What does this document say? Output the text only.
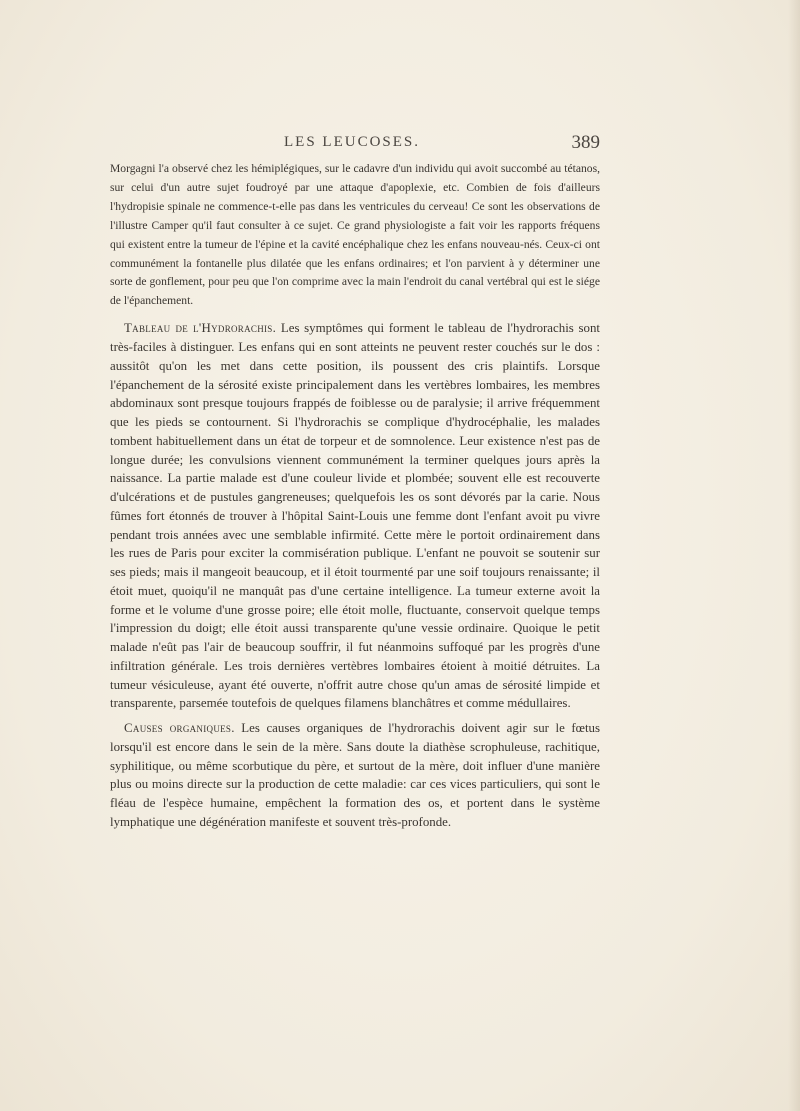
LES LEUCOSES.	389

Morgagni l'a observé chez les hémiplégiques, sur le cadavre d'un individu qui avoit succombé au tétanos, sur celui d'un autre sujet foudroyé par une attaque d'apoplexie, etc. Combien de fois d'ailleurs l'hydropisie spinale ne commence-t-elle pas dans les ventricules du cerveau! Ce sont les observations de l'illustre Camper qu'il faut consulter à ce sujet. Ce grand physiologiste a fait voir les rapports fréquens qui existent entre la tumeur de l'épine et la cavité encéphalique chez les enfans nouveau-nés. Ceux-ci ont communément la fontanelle plus dilatée que les enfans ordinaires; et l'on parvient à y déterminer une sorte de gonflement, pour peu que l'on comprime avec la main l'endroit du canal vertébral qui est le siége de l'épanchement.

Tableau de l'Hydrorachis. Les symptômes qui forment le tableau de l'hydrorachis sont très-faciles à distinguer. Les enfans qui en sont atteints ne peuvent rester couchés sur le dos : aussitôt qu'on les met dans cette position, ils poussent des cris plaintifs. Lorsque l'épanchement de la sérosité existe principalement dans les vertèbres lombaires, les membres abdominaux sont presque toujours frappés de foiblesse ou de paralysie; il arrive fréquemment que les pieds se contournent. Si l'hydrorachis se complique d'hydrocéphalie, les malades tombent habituellement dans un état de torpeur et de somnolence. Leur existence n'est pas de longue durée; les convulsions viennent communément la terminer quelques jours après la naissance. La partie malade est d'une couleur livide et plombée; souvent elle est recouverte d'ulcérations et de pustules gangreneuses; quelquefois les os sont dévorés par la carie. Nous fûmes fort étonnés de trouver à l'hôpital Saint-Louis une femme dont l'enfant avoit pu vivre pendant trois années avec une semblable infirmité. Cette mère le portoit ordinairement dans les rues de Paris pour exciter la commisération publique. L'enfant ne pouvoit se soutenir sur ses pieds; mais il mangeoit beaucoup, et il étoit tourmenté par une soif toujours renaissante; il étoit muet, quoiqu'il ne manquât pas d'une certaine intelligence. La tumeur externe avoit la forme et le volume d'une grosse poire; elle étoit molle, fluctuante, conservoit quelque temps l'impression du doigt; elle étoit aussi transparente qu'une vessie ordinaire. Quoique le petit malade n'eût pas l'air de beaucoup souffrir, il fut néanmoins suffoqué par les progrès d'une infiltration générale. Les trois dernières vertèbres lombaires étoient à moitié détruites. La tumeur vésiculeuse, ayant été ouverte, n'offrit autre chose qu'un amas de sérosité limpide et transparente, parsemée toutefois de quelques filamens blanchâtres et comme médullaires.

Causes organiques. Les causes organiques de l'hydrorachis doivent agir sur le fœtus lorsqu'il est encore dans le sein de la mère. Sans doute la diathèse scrophuleuse, rachitique, syphilitique, ou même scorbutique du père, et surtout de la mère, doit influer d'une manière plus ou moins directe sur la production de cette maladie: car ces vices particuliers, qui sont le fléau de l'espèce humaine, empêchent la formation des os, et portent dans le système lymphatique une dégénération manifeste et souvent très-profonde.
